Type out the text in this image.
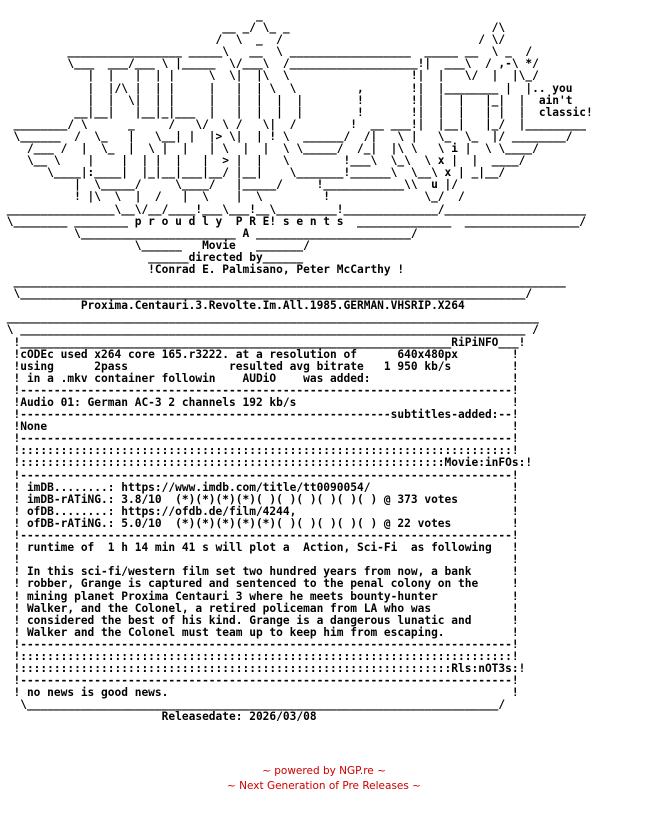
_
__ _/ \_ _                              /\
/  \  _  /                             / \/
_________________ _____\   __  \ __________________  _____ __  \ _  /
\___  ___/___ \ |_____  \/___\  /___________________!|  ___\  / ,-\ */
|  |   |  | |     \  \|  |\  \                  !|  |   \/  |  |\_/
|  |/\ |  | |     |   |  | \  \         ,       !|  |________ |  |.. you
|  |  \|  | |     |   |  |  |  |        !       !|  |  |   |_|  |  ain't
__|__|   |__|_|___  |   |  |  |  |        !       !|  |  |   | |  |  classic!
________/ \      _     /   \/  \ /   \|  /        !  __ ___!|  |__|   |_/  |_________
\______  /  \_   |   \__| |  |> \|  | ! \  ______/  /|   \ |   \_  \_  |/ ________/
/___ /  |  \_  |  \ |  |   | \  |  |  \ \_____/  /_|  |\ \   \ i |  \ \____/
\__ \    |    |  | |  |   |  > |  |   \        !___\  \_\  \ x |  |  ____/
\____|:____|  |_|__|___|__/ |__|    \_______!______\  \__\ x | _|__/
|  \_____/     \____/   |_____/     !____________\\  u |/
! |\  \  |  /   |  \    |  \         !              \_/  /
________________\__\/__/____!___\___!__\_________!______________/_____________________
\________ ________ p r o u d l y  P R E! s e n t s  ______________  _________________/
\_______________________ A _______________________/
\______   Movie   _______/
______directed by______
!Conrad E. Palmisano, Peter McCarthy !
__________________________________________________________________________________
\___________________________________________________________________________/
Proxima.Centauri.3.Revolte.Im.All.1985.GERMAN.VHSRIP.X264
_______________________________________________________________________________
\ ___________________________________________________________________________ /
!________________________________________________________________RiPiNFO___!
!cODEc used x264 core 165.r3222. at a resolution of      640x480px        !
!using      2pass               resulted avg bitrate   1 950 kb/s         !
! in a .mkv container followin    AUDiO    was added:                     !
!-------------------------------------------------------------------------!
!Audio 01: German AC-3 2 channels 192 kb/s                                !
!-------------------------------------------------------subtitles-added:--!
!None                                                                     !
!-------------------------------------------------------------------------!
!:::::::::::::::::::::::::::::::::::::::::::::::::::::::::::::::::::::::::!
!:::::::::::::::::::::::::::::::::::::::::::::::::::::::::::::::Movie:inFOs:!
!-------------------------------------------------------------------------!
! imDB........: https://www.imdb.com/title/tt0090054/                     !
! imDB-rATiNG.: 3.8/10  (*)(*)(*)(*)( )( )( )( )( )( ) @ 373 votes        !
! ofDB........: https://ofdb.de/film/4244,                                !
! ofDB-rATiNG.: 5.0/10  (*)(*)(*)(*)(*)( )( )( )( )( ) @ 22 votes         !
!-------------------------------------------------------------------------!
! runtime of  1 h 14 min 41 s will plot a  Action, Sci-Fi  as following   !
!                                                                         !
! In this sci-fi/western film set two hundred years from now, a bank      !
! robber, Grange is captured and sentenced to the penal colony on the     !
! mining planet Proxima Centauri 3 where he meets bounty-hunter           !
! Walker, and the Colonel, a retired policeman from LA who was            !
! considered the best of his kind. Grange is a dangerous lunatic and      !
! Walker and the Colonel must team up to keep him from escaping.          !
!-------------------------------------------------------------------------!
!:::::::::::::::::::::::::::::::::::::::::::::::::::::::::::::::::::::::::!
!::::::::::::::::::::::::::::::::::::::::::::::::::::::::::::::::Rls:nOT3s:!
!-------------------------------------------------------------------------!
! no news is good news.                                                   !
\______________________________________________________________________/
Releasedate: 2026/03/08
~ powered by NGP.re ~
~ Next Generation of Pre Releases ~
